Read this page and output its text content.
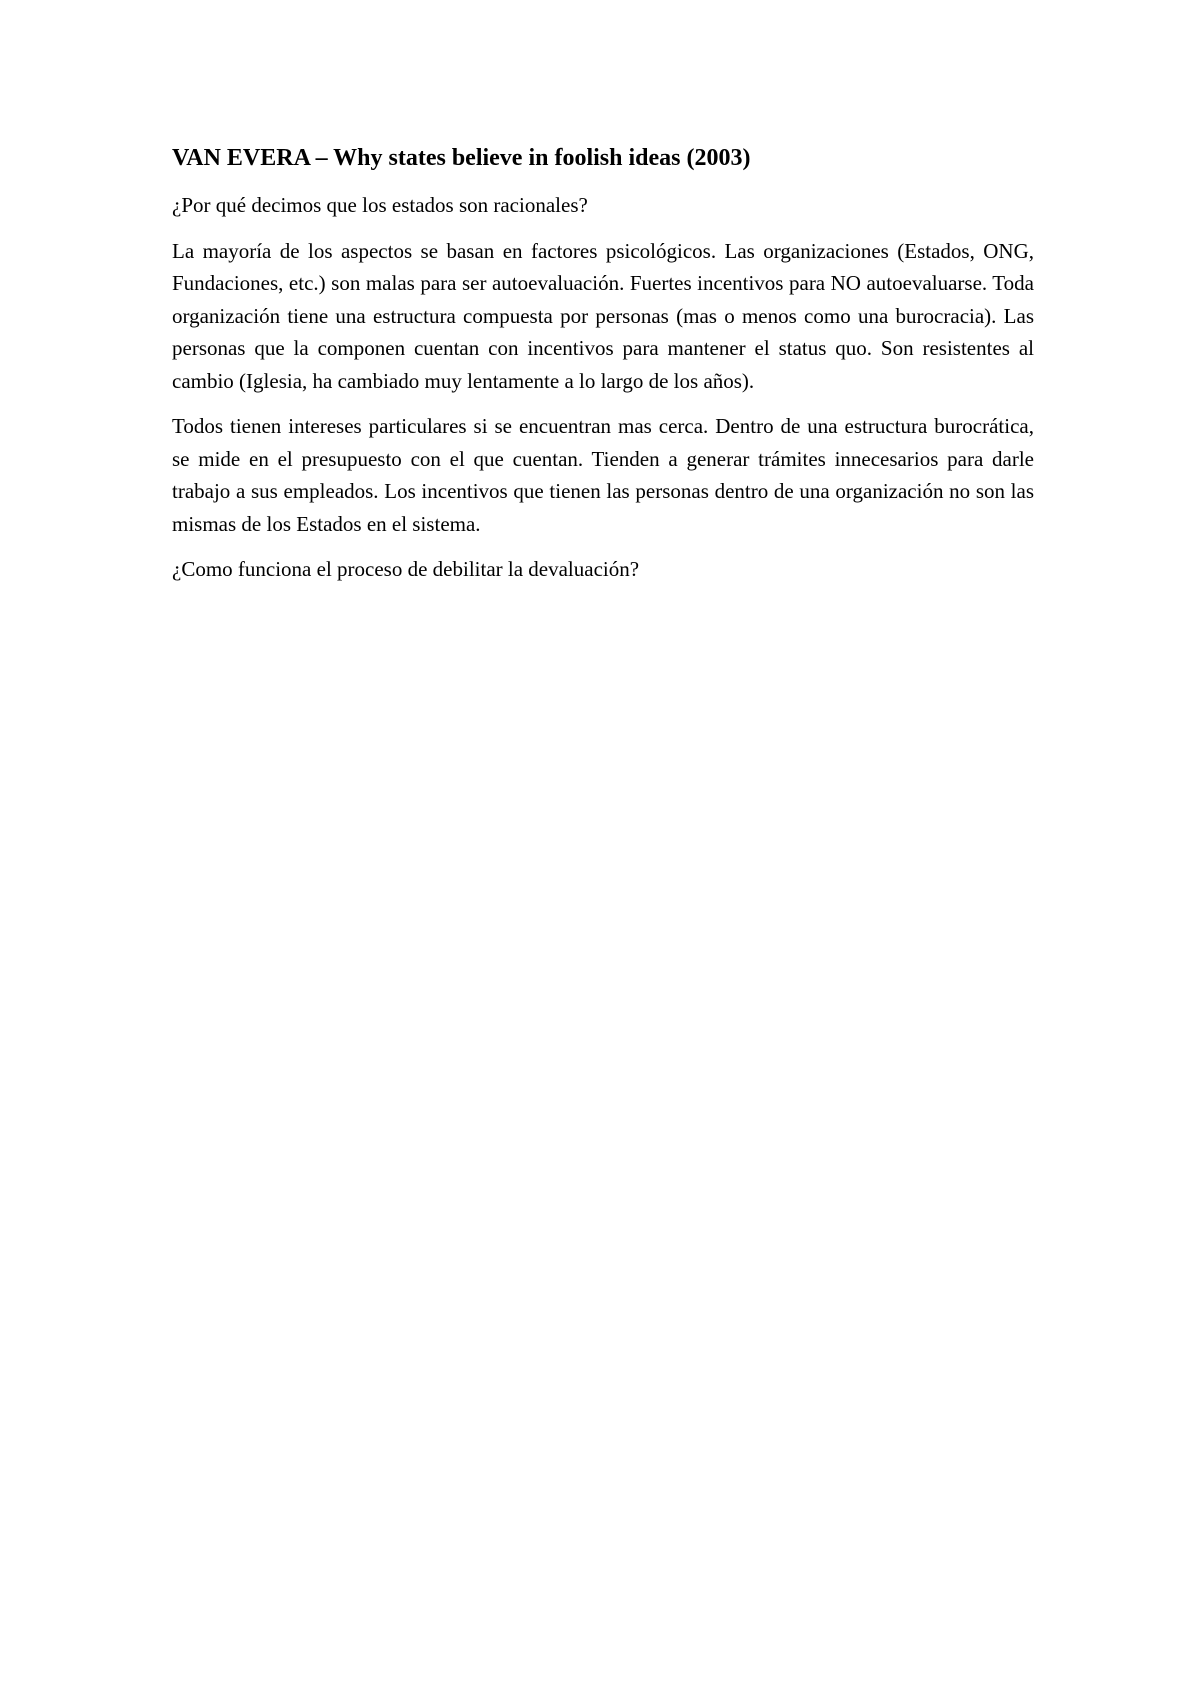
VAN EVERA – Why states believe in foolish ideas (2003)

¿Por qué decimos que los estados son racionales?

La mayoría de los aspectos se basan en factores psicológicos. Las organizaciones (Estados, ONG, Fundaciones, etc.) son malas para ser autoevaluación. Fuertes incentivos para NO autoevaluarse. Toda organización tiene una estructura compuesta por personas (mas o menos como una burocracia). Las personas que la componen cuentan con incentivos para mantener el status quo. Son resistentes al cambio (Iglesia, ha cambiado muy lentamente a lo largo de los años).

Todos tienen intereses particulares si se encuentran mas cerca. Dentro de una estructura burocrática, se mide en el presupuesto con el que cuentan. Tienden a generar trámites innecesarios para darle trabajo a sus empleados. Los incentivos que tienen las personas dentro de una organización no son las mismas de los Estados en el sistema.

¿Como funciona el proceso de debilitar la devaluación?
